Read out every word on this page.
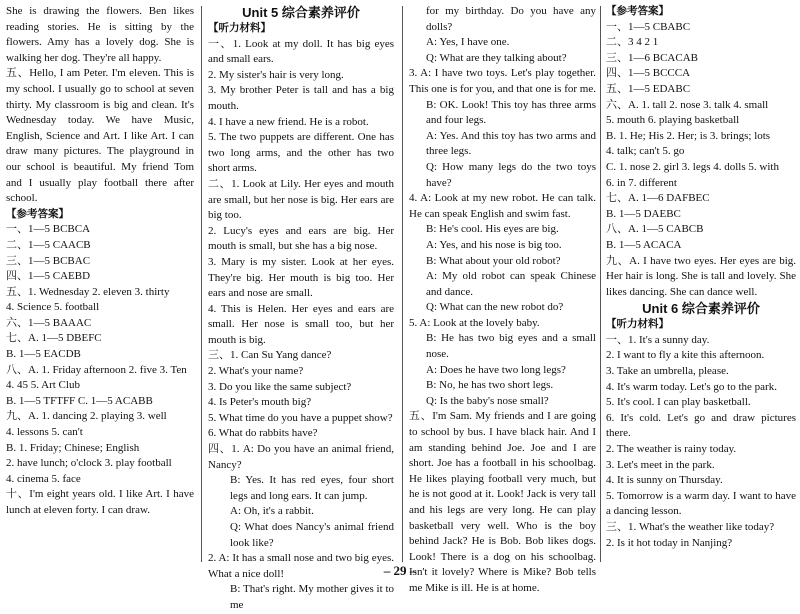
She is drawing the flowers. Ben likes reading stories. He is sitting by the flowers. Amy has a lovely dog. She is walking her dog. They're all happy.

五、Hello, I am Peter. I'm eleven. This is my school. I usually go to school at seven thirty. My classroom is big and clean. It's Wednesday today. We have Music, English, Science and Art. I like Art. I can draw many pictures. The playground in our school is beautiful. My friend Tom and I usually play football there after school.

【参考答案】

一、1—5 BCBCA

二、1—5 CAACB

三、1—5 BCBAC

四、1—5 CAEBD

五、1. Wednesday 2. eleven 3. thirty

4. Science 5. football

六、1—5 BAAAC

七、A. 1—5 DBEFC

B. 1—5 EACDB

八、A. 1. Friday afternoon 2. five 3. Ten

4. 45 5. Art Club

B. 1—5 TFTFF C. 1—5 ACABB

九、A. 1. dancing 2. playing 3. well

4. lessons 5. can't

B. 1. Friday; Chinese; English

2. have lunch; o'clock 3. play football

4. cinema 5. face

十、I'm eight years old. I like Art. I have lunch at eleven forty. I can draw.

Unit 5 综合素养评价

【听力材料】

一、1. Look at my doll. It has big eyes and small ears.

2. My sister's hair is very long.

3. My brother Peter is tall and has a big mouth.

4. I have a new friend. He is a robot.

5. The two puppets are different. One has two long arms, and the other has two short arms.

二、1. Look at Lily. Her eyes and mouth are small, but her nose is big. Her ears are big too.

2. Lucy's eyes and ears are big. Her mouth is small, but she has a big nose.

3. Mary is my sister. Look at her eyes. They're big. Her mouth is big too. Her ears and nose are small.

4. This is Helen. Her eyes and ears are small. Her nose is small too, but her mouth is big.

三、1. Can Su Yang dance?

2. What's your name?

3. Do you like the same subject?

4. Is Peter's mouth big?

5. What time do you have a puppet show?

6. What do rabbits have?

四、1. A: Do you have an animal friend, Nancy?

B: Yes. It has red eyes, four short legs and long ears. It can jump.

A: Oh, it's a rabbit.

Q: What does Nancy's animal friend look like?

2. A: It has a small nose and two big eyes. What a nice doll!

B: That's right. My mother gives it to me

for my birthday. Do you have any dolls?

A: Yes, I have one.

Q: What are they talking about?

3. A: I have two toys. Let's play together. This one is for you, and that one is for me.

B: OK. Look! This toy has three arms and four legs.

A: Yes. And this toy has two arms and three legs.

Q: How many legs do the two toys have?

4. A: Look at my new robot. He can talk. He can speak English and swim fast.

B: He's cool. His eyes are big.

A: Yes, and his nose is big too.

B: What about your old robot?

A: My old robot can speak Chinese and dance.

Q: What can the new robot do?

5. A: Look at the lovely baby.

B: He has two big eyes and a small nose.

A: Does he have two long legs?

B: No, he has two short legs.

Q: Is the baby's nose small?

五、I'm Sam. My friends and I are going to school by bus. I have black hair. And I am standing behind Joe. Joe and I are short. Joe has a football in his schoolbag. He likes playing football very much, but he is not good at it. Look! Jack is very tall and his legs are very long. He can play basketball very well. Who is the boy behind Jack? He is Bob. Bob likes dogs. Look! There is a dog on his schoolbag. Isn't it lovely? Where is Mike? Bob tells me Mike is ill. He is at home.

【参考答案】

一、1—5 CBABC

二、3 4 2 1

三、1—6 BCACAB

四、1—5 BCCCA

五、1—5 EDABC

六、A. 1. tall 2. nose 3. talk 4. small

5. mouth 6. playing basketball

B. 1. He; His 2. Her; is 3. brings; lots

4. talk; can't 5. go

C. 1. nose 2. girl 3. legs 4. dolls 5. with

6. in 7. different

七、A. 1—6 DAFBEC

B. 1—5 DAEBC

八、A. 1—5 CABCB

B. 1—5 ACACA

九、A. I have two eyes. Her eyes are big. Her hair is long. She is tall and lovely. She likes dancing. She can dance well.

Unit 6 综合素养评价

【听力材料】

一、1. It's a sunny day.

2. I want to fly a kite this afternoon.

3. Take an umbrella, please.

4. It's warm today. Let's go to the park.

5. It's cool. I can play basketball.

6. It's cold. Let's go and draw pictures there.

2. The weather is rainy today.

3. Let's meet in the park.

4. It is sunny on Thursday.

5. Tomorrow is a warm day. I want to have a dancing lesson.

三、1. What's the weather like today?

2. Is it hot today in Nanjing?

– 29 –
